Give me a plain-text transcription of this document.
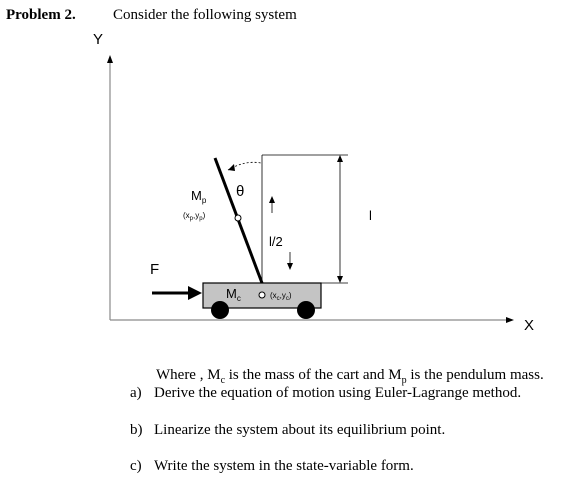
Problem 2. Consider the following system
Y
X
F
$M_c$	$(x_c,y_c)$
$M_p$
$(x_p,y_p)$
θ
l/2
l
Where , $M_c$ is the mass of the cart and $M_p$ is the pendulum mass.
a) Derive the equation of motion using Euler-Lagrange method.
b) Linearize the system about its equilibrium point.
c) Write the system in the state-variable form.
